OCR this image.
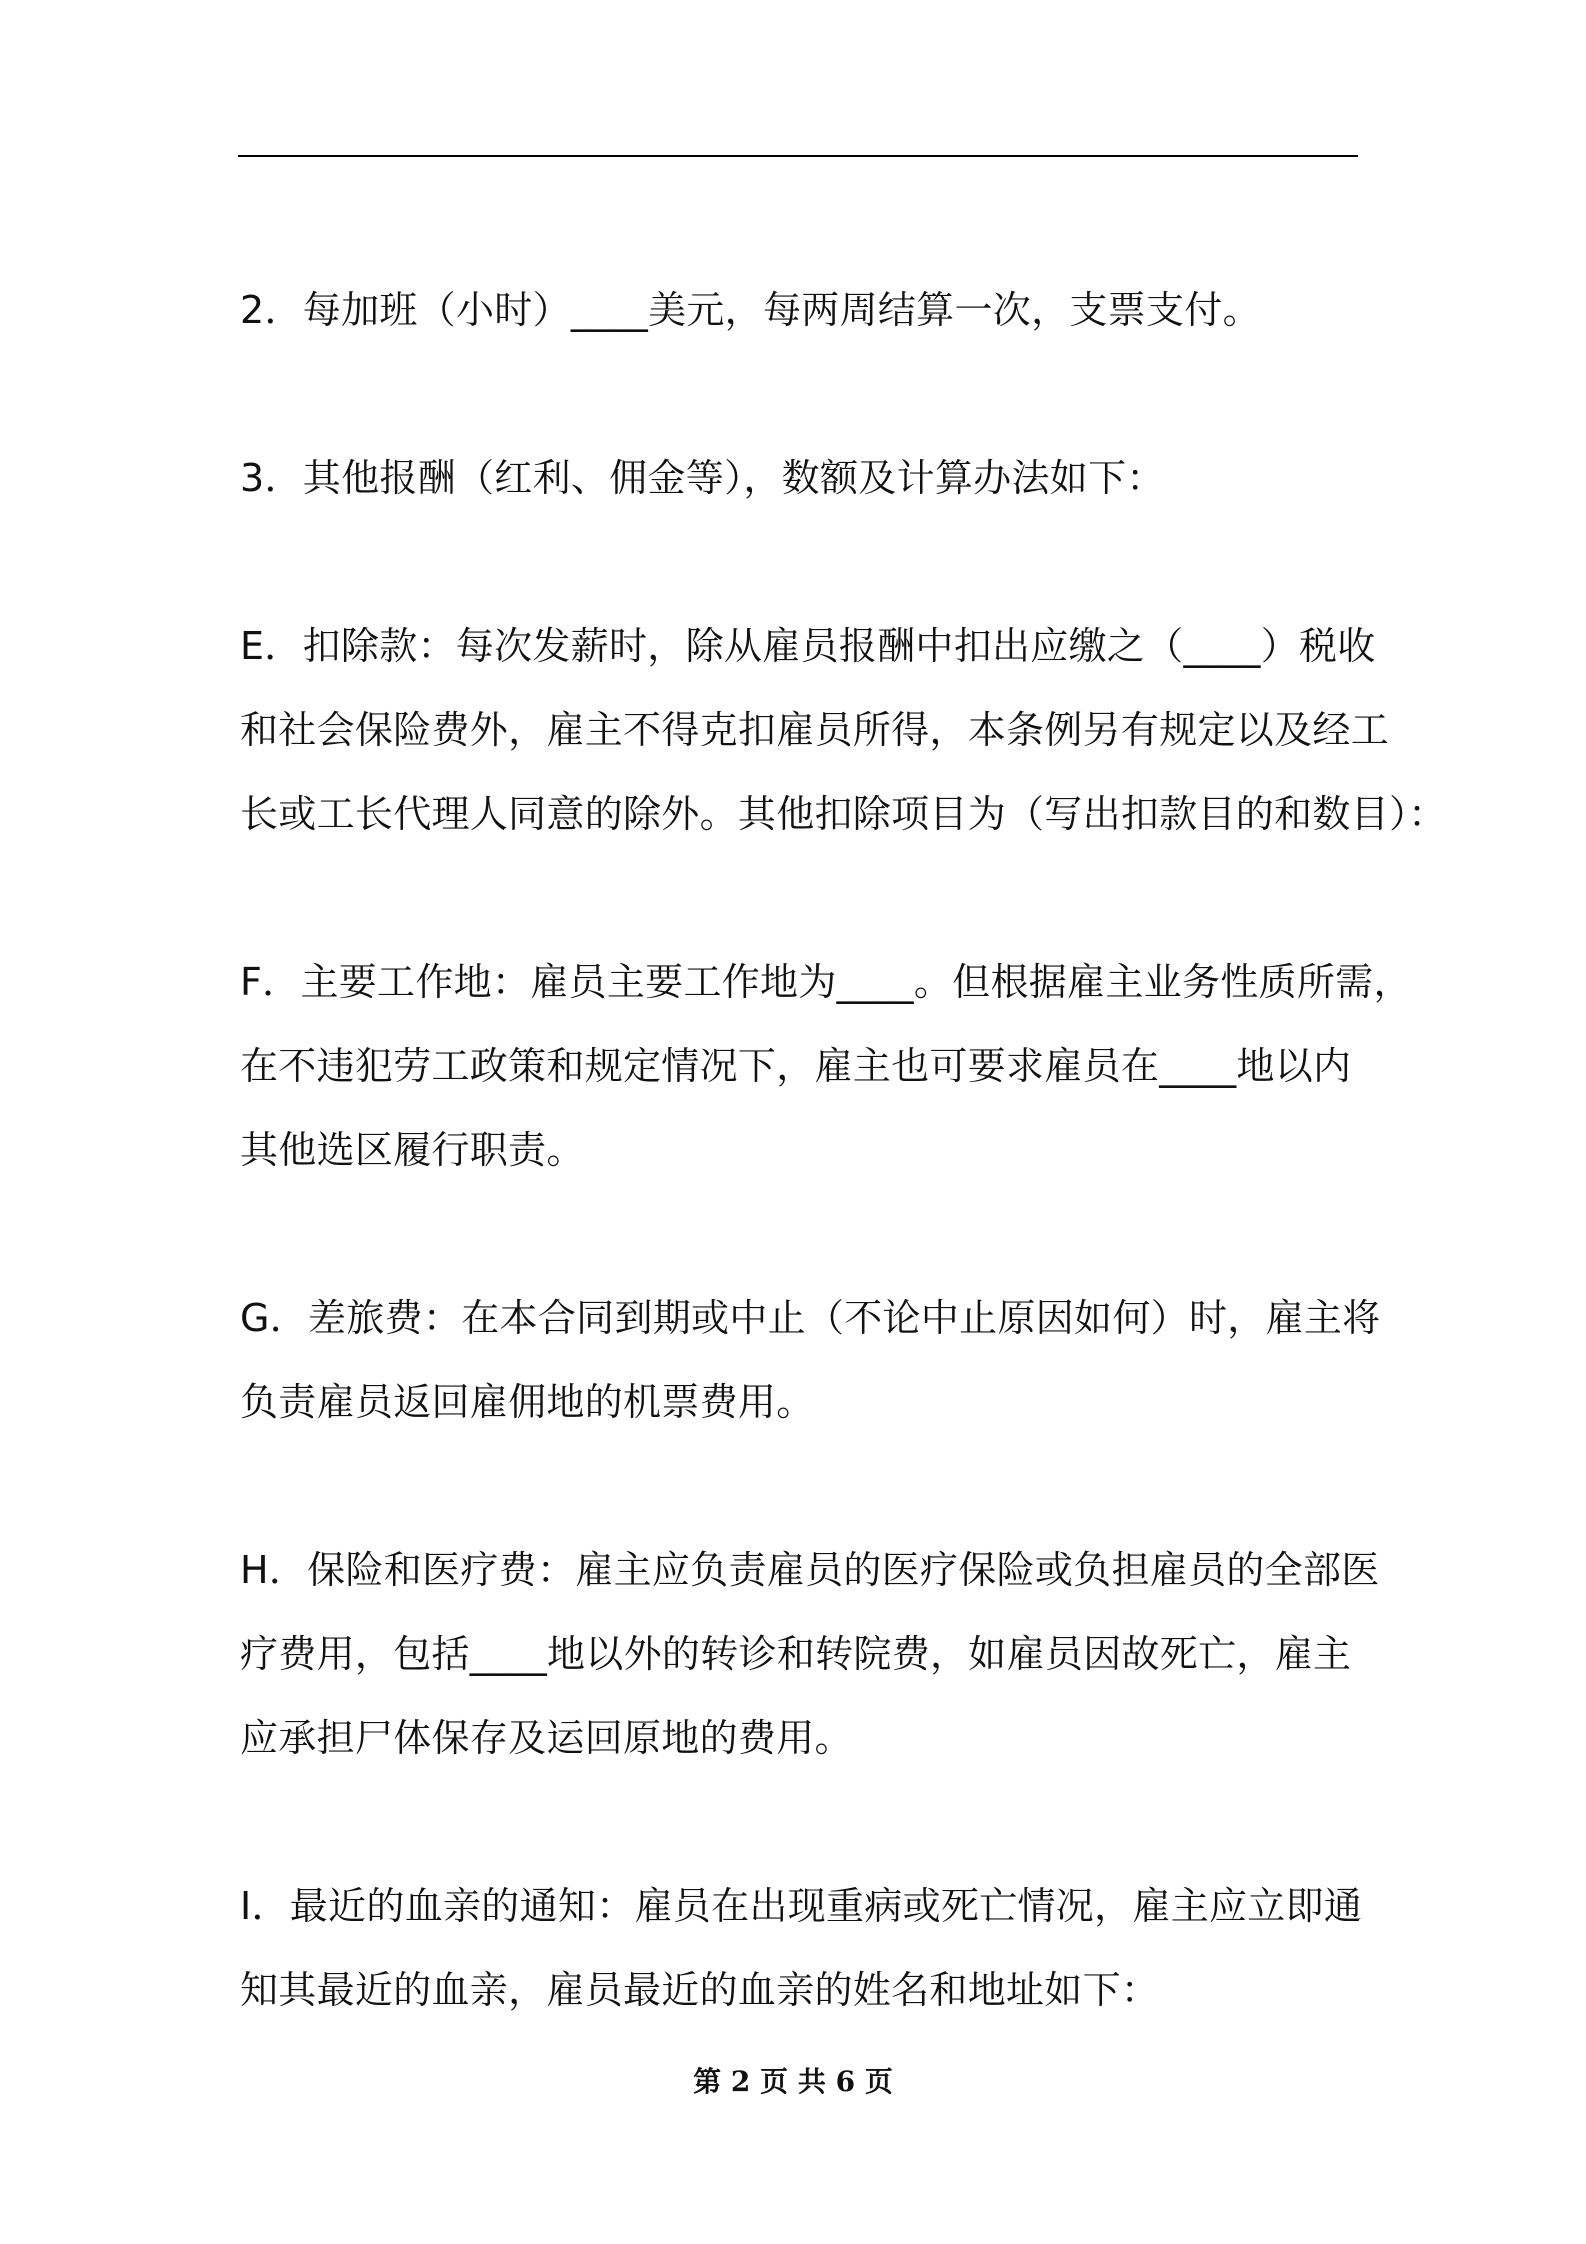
2．每加班（小时）____美元，每两周结算一次，支票支付。

3．其他报酬（红利、佣金等），数额及计算办法如下：

E．扣除款：每次发薪时，除从雇员报酬中扣出应缴之（____）税收
和社会保险费外，雇主不得克扣雇员所得，本条例另有规定以及经工
长或工长代理人同意的除外。其他扣除项目为（写出扣款目的和数目）：

F．主要工作地：雇员主要工作地为____。但根据雇主业务性质所需，
在不违犯劳工政策和规定情况下，雇主也可要求雇员在____地以内
其他选区履行职责。

G．差旅费：在本合同到期或中止（不论中止原因如何）时，雇主将
负责雇员返回雇佣地的机票费用。

H．保险和医疗费：雇主应负责雇员的医疗保险或负担雇员的全部医
疗费用，包括____地以外的转诊和转院费，如雇员因故死亡，雇主
应承担尸体保存及运回原地的费用。

I．最近的血亲的通知：雇员在出现重病或死亡情况，雇主应立即通
知其最近的血亲，雇员最近的血亲的姓名和地址如下：

第 2 页 共 6 页
